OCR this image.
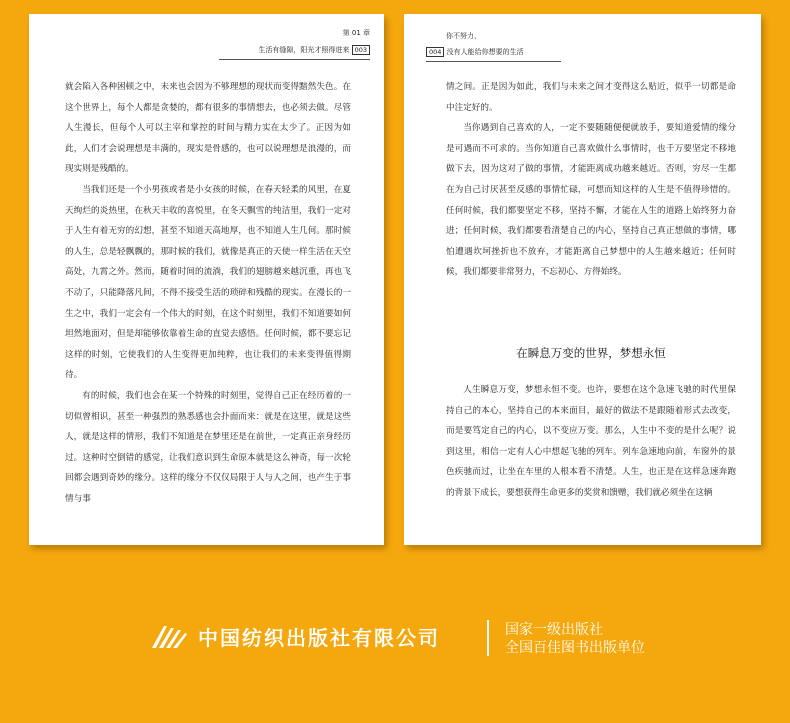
第 01 章
生活有缝隙，阳光才照得进来 003

就会陷入各种困顿之中，未来也会因为不够理想的现状而变得黯然失色。在这个世界上，每个人都是贪婪的，都有很多的事情想去，也必须去做。尽管人生漫长，但每个人可以主宰和掌控的时间与精力实在太少了。正因为如此，人们才会说理想是丰满的，现实是骨感的，也可以说理想是浪漫的，而现实则是残酷的。

当我们还是一个小男孩或者是小女孩的时候，在春天轻柔的风里，在夏天绚烂的炎热里，在秋天丰收的喜悦里，在冬天飘雪的纯洁里，我们一定对于人生有着无穷的幻想，甚至不知道天高地厚，也不知道人生几何。那时候的人生，总是轻飘飘的，那时候的我们，就像是真正的天使一样生活在天空高处，九霄之外。然而，随着时间的流淌，我们的翅膀越来越沉重，再也飞不动了，只能降落凡间，不得不接受生活的琐碎和残酷的现实。在漫长的一生之中，我们一定会有一个伟大的时刻，在这个时刻里，我们不知道要如何坦然地面对，但是却能够依靠着生命的直觉去感悟。任何时候，都不要忘记这样的时刻，它使我们的人生变得更加纯粹，也让我们的未来变得值得期待。

有的时候，我们也会在某一个特殊的时刻里，觉得自己正在经历着的一切似曾相识，甚至一种强烈的熟悉感也会扑面而来：就是在这里，就是这些人，就是这样的情形，我们不知道是在梦里还是在前世，一定真正亲身经历过。这种时空倒错的感觉，让我们意识到生命原本就是这么神奇，每一次轮回都会遇到奇妙的缘分。这样的缘分不仅仅局限于人与人之间，也产生于事情与事

你不努力，
004 没有人能给你想要的生活

情之间。正是因为如此，我们与未来之间才变得这么贴近，似乎一切都是命中注定好的。

当你遇到自己喜欢的人，一定不要随随便便就放手，要知道爱情的缘分是可遇而不可求的。当你知道自己喜欢做什么事情时，也千万要坚定不移地做下去，因为这对了做的事情，才能距离成功越来越近。否则，穷尽一生都在为自己讨厌甚至反感的事情忙碌，可想而知这样的人生是不值得珍惜的。任何时候，我们都要坚定不移，坚持不懈，才能在人生的道路上始终努力奋进；任何时候，我们都要看清楚自己的内心，坚持自己真正想做的事情，哪怕遭遇坎坷挫折也不放弃，才能距离自己梦想中的人生越来越近；任何时候，我们都要非常努力，不忘初心、方得始终。

在瞬息万变的世界，梦想永恒

人生瞬息万变，梦想永恒不变。也许，要想在这个急速飞驰的时代里保持自己的本心，坚持自己的本来面目，最好的做法不是跟随着形式去改变，而是要笃定自己的内心，以不变应万变。那么，人生中不变的是什么呢？说到这里，相信一定有人心中想起飞驰的列车。列车急速地向前，车窗外的景色疾驰而过，让坐在车里的人根本看不清楚。人生，也正是在这样急速奔跑的背景下成长，要想获得生命更多的奖赏和馈赠，我们就必须坐在这辆

中国纺织出版社有限公司	国家一级出版社
全国百佳图书出版单位
